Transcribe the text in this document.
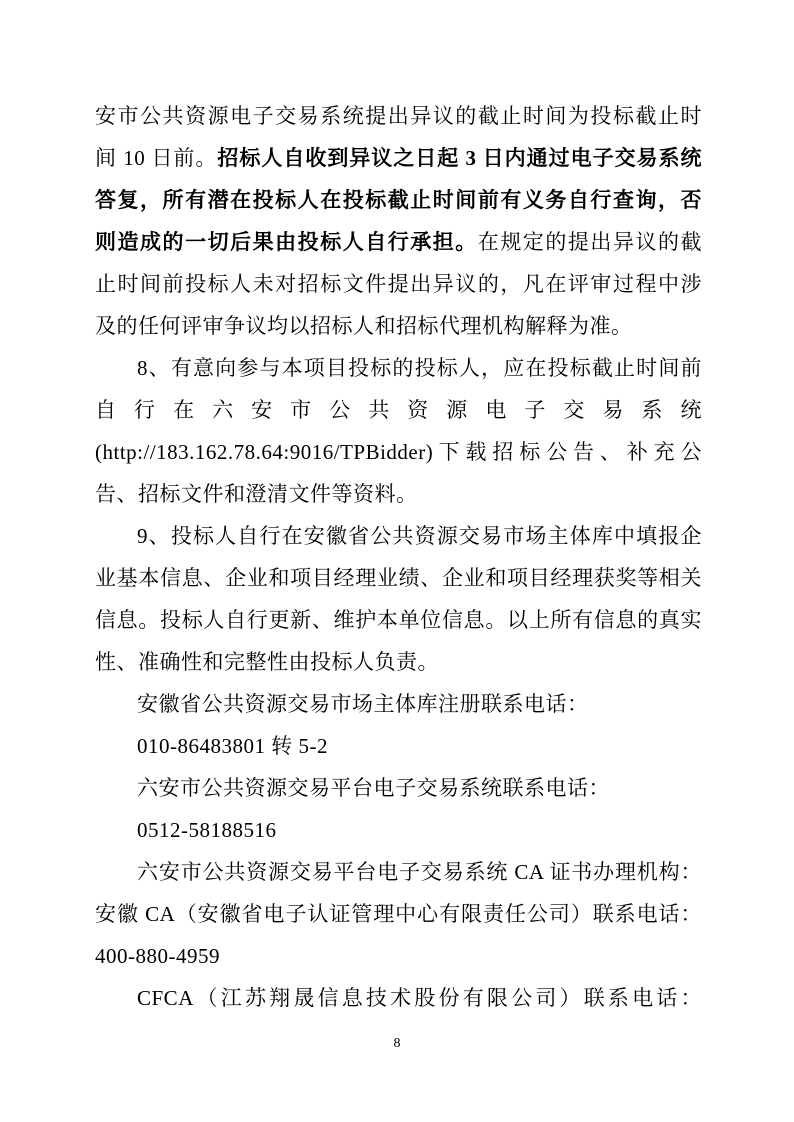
安市公共资源电子交易系统提出异议的截止时间为投标截止时
间 10 日前。招标人自收到异议之日起 3 日内通过电子交易系统
答复，所有潜在投标人在投标截止时间前有义务自行查询，否
则造成的一切后果由投标人自行承担。在规定的提出异议的截
止时间前投标人未对招标文件提出异议的，凡在评审过程中涉
及的任何评审争议均以招标人和招标代理机构解释为准。
8、有意向参与本项目投标的投标人，应在投标截止时间前
自行在六安市公共资源电子交易系统
(http://183.162.78.64:9016/TPBidder)下载招标公告、补充公
告、招标文件和澄清文件等资料。
9、投标人自行在安徽省公共资源交易市场主体库中填报企
业基本信息、企业和项目经理业绩、企业和项目经理获奖等相关
信息。投标人自行更新、维护本单位信息。以上所有信息的真实
性、准确性和完整性由投标人负责。
安徽省公共资源交易市场主体库注册联系电话：
010-86483801 转 5-2
六安市公共资源交易平台电子交易系统联系电话：
0512-58188516
六安市公共资源交易平台电子交易系统 CA 证书办理机构：
安徽 CA（安徽省电子认证管理中心有限责任公司）联系电话：
400-880-4959
CFCA（江苏翔晟信息技术股份有限公司）联系电话：
8
